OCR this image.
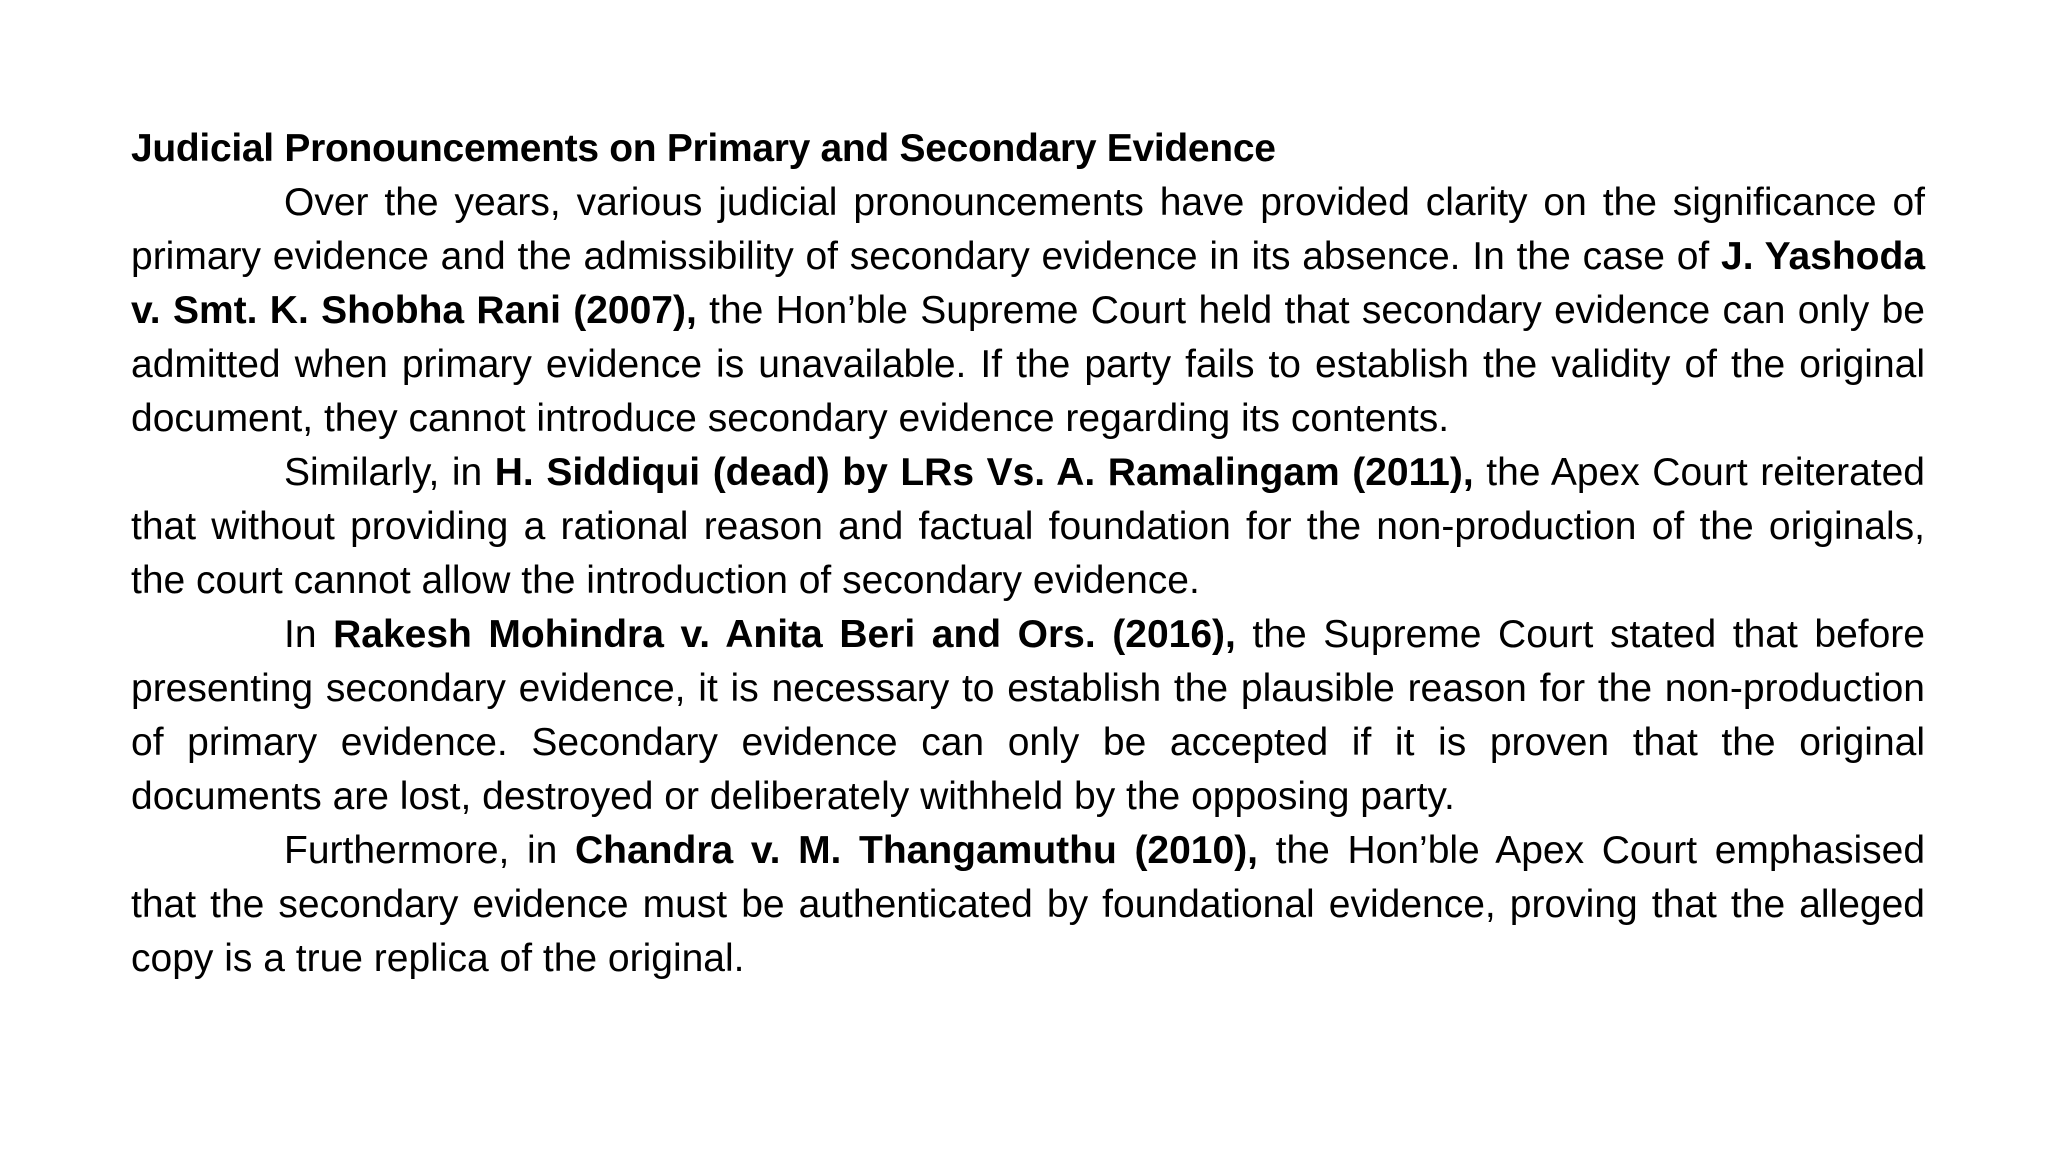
Judicial Pronouncements on Primary and Secondary Evidence

Over the years, various judicial pronouncements have provided clarity on the significance of primary evidence and the admissibility of secondary evidence in its absence. In the case of J. Yashoda v. Smt. K. Shobha Rani (2007), the Hon’ble Supreme Court held that secondary evidence can only be admitted when primary evidence is unavailable. If the party fails to establish the validity of the original document, they cannot introduce secondary evidence regarding its contents.

Similarly, in H. Siddiqui (dead) by LRs Vs. A. Ramalingam (2011), the Apex Court reiterated that without providing a rational reason and factual foundation for the non-production of the originals, the court cannot allow the introduction of secondary evidence.

In Rakesh Mohindra v. Anita Beri and Ors. (2016), the Supreme Court stated that before presenting secondary evidence, it is necessary to establish the plausible reason for the non-production of primary evidence. Secondary evidence can only be accepted if it is proven that the original documents are lost, destroyed or deliberately withheld by the opposing party.

Furthermore, in Chandra v. M. Thangamuthu (2010), the Hon’ble Apex Court emphasised that the secondary evidence must be authenticated by foundational evidence, proving that the alleged copy is a true replica of the original.
